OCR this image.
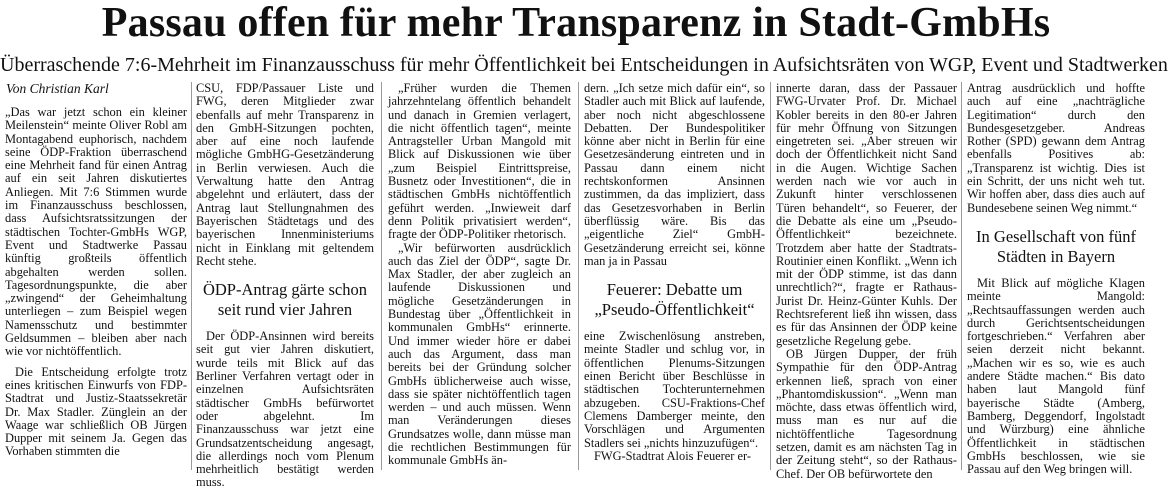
Passau offen für mehr Transparenz in Stadt-GmbHs
Überraschende 7:6-Mehrheit im Finanzausschuss für mehr Öffentlichkeit bei Entscheidungen in Aufsichtsräten von WGP, Event und Stadtwerken
Von Christian Karl

„Das war jetzt schon ein kleiner Meilenstein“ meinte Oliver Robl am Montagabend euphorisch, nachdem seine ÖDP-Fraktion überraschend eine Mehrheit fand für einen Antrag auf ein seit Jahren diskutiertes Anliegen. Mit 7:6 Stimmen wurde im Finanzausschuss beschlossen, dass Aufsichtsratssitzungen der städtischen Tochter-GmbHs WGP, Event und Stadtwerke Passau künftig großteils öffentlich abgehalten werden sollen. Tagesordnungspunkte, die aber „zwingend“ der Geheimhaltung unterliegen – zum Beispiel wegen Namensschutz und bestimmter Geldsummen – bleiben aber nach wie vor nichtöffentlich.

Die Entscheidung erfolgte trotz eines kritischen Einwurfs von FDP-Stadtrat und Justiz-Staatssekretär Dr. Max Stadler. Zünglein an der Waage war schließlich OB Jürgen Dupper mit seinem Ja. Gegen das Vorhaben stimmten die

CSU, FDP/Passauer Liste und FWG, deren Mitglieder zwar ebenfalls auf mehr Transparenz in den GmbH-Sitzungen pochten, aber auf eine noch laufende mögliche GmbHG-Gesetzänderung in Berlin verwiesen. Auch die Verwaltung hatte den Antrag abgelehnt und erläutert, dass der Antrag laut Stellungnahmen des Bayerischen Städtetags und des bayerischen Innenministeriums nicht in Einklang mit geltendem Recht stehe.

ÖDP-Antrag gärte schon seit rund vier Jahren

Der ÖDP-Ansinnen wird bereits seit gut vier Jahren diskutiert, wurde teils mit Blick auf das Berliner Verfahren vertagt oder in einzelnen Aufsichtsräten städtischer GmbHs befürwortet oder abgelehnt. Im Finanzausschuss war jetzt eine Grundsatzentscheidung angesagt, die allerdings noch vom Plenum mehrheitlich bestätigt werden muss.

„Früher wurden die Themen jahrzehntelang öffentlich behandelt und danach in Gremien verlagert, die nicht öffentlich tagen“, meinte Antragsteller Urban Mangold mit Blick auf Diskussionen wie über „zum Beispiel Eintrittspreise, Busnetz oder Investitionen“, die in städtischen GmbHs nichtöffentlich geführt werden. „Inwieweit darf denn Politik privatisiert werden“, fragte der ÖDP-Politiker rhetorisch.

„Wir befürworten ausdrücklich auch das Ziel der ÖDP“, sagte Dr. Max Stadler, der aber zugleich an laufende Diskussionen und mögliche Gesetzänderungen in Bundestag über „Öffentlichkeit in kommunalen GmbHs“ erinnerte. Und immer wieder höre er dabei auch das Argument, dass man bereits bei der Gründung solcher GmbHs üblicherweise auch wisse, dass sie später nichtöffentlich tagen werden – und auch müssen. Wenn man Veränderungen dieses Grundsatzes wolle, dann müsse man die rechtlichen Bestimmungen für kommunale GmbHs än-

dern. „Ich setze mich dafür ein“, so Stadler auch mit Blick auf laufende, aber noch nicht abgeschlossene Debatten. Der Bundespolitiker könne aber nicht in Berlin für eine Gesetzesänderung eintreten und in Passau dann einem nicht rechtskonformen Ansinnen zustimmen, da das impliziert, dass das Gesetzesvorhaben in Berlin überflüssig wäre. Bis das „eigentliche Ziel“ GmbH-Gesetzänderung erreicht sei, könne man ja in Passau

Feuerer: Debatte um „Pseudo-Öffentlichkeit“

eine Zwischenlösung anstreben, meinte Stadler und schlug vor, in öffentlichen Plenums-Sitzungen einen Bericht über Beschlüsse in städtischen Tochterunternehmen abzugeben. CSU-Fraktions-Chef Clemens Damberger meinte, den Vorschlägen und Argumenten Stadlers sei „nichts hinzuzufügen“.

FWG-Stadtrat Alois Feuerer er-

innerte daran, dass der Passauer FWG-Urvater Prof. Dr. Michael Kobler bereits in den 80-er Jahren für mehr Öffnung von Sitzungen eingetreten sei. „Aber streuen wir doch der Öffentlichkeit nicht Sand in die Augen. Wichtige Sachen werden nach wie vor auch in Zukunft hinter verschlossenen Türen behandelt“, so Feuerer, der die Debatte als eine um „Pseudo-Öffentlichkeit“ bezeichnete. Trotzdem aber hatte der Stadtrats-Routinier einen Konflikt. „Wenn ich mit der ÖDP stimme, ist das dann unrechtlich?“, fragte er Rathaus-Jurist Dr. Heinz-Günter Kuhls. Der Rechtsreferent ließ ihn wissen, dass es für das Ansinnen der ÖDP keine gesetzliche Regelung gebe.

OB Jürgen Dupper, der früh Sympathie für den ÖDP-Antrag erkennen ließ, sprach von einer „Phantomdiskussion“. „Wenn man möchte, dass etwas öffentlich wird, muss man es nur auf die nichtöffentliche Tagesordnung setzen, damit es am nächsten Tag in der Zeitung steht“, so der Rathaus-Chef. Der OB befürwortete den

Antrag ausdrücklich und hoffte auch auf eine „nachträgliche Legitimation“ durch den Bundesgesetzgeber. Andreas Rother (SPD) gewann dem Antrag ebenfalls Positives ab: „Transparenz ist wichtig. Dies ist ein Schritt, der uns nicht weh tut. Wir hoffen aber, dass dies auch auf Bundesebene seinen Weg nimmt.“

In Gesellschaft von fünf Städten in Bayern

Mit Blick auf mögliche Klagen meinte Mangold: „Rechtsauffassungen werden auch durch Gerichtsentscheidungen fortgeschrieben.“ Verfahren aber seien derzeit nicht bekannt. „Machen wir es so, wie es auch andere Städte machen.“ Bis dato haben laut Mangold fünf bayerische Städte (Amberg, Bamberg, Deggendorf, Ingolstadt und Würzburg) eine ähnliche Öffentlichkeit in städtischen GmbHs beschlossen, wie sie Passau auf den Weg bringen will.
